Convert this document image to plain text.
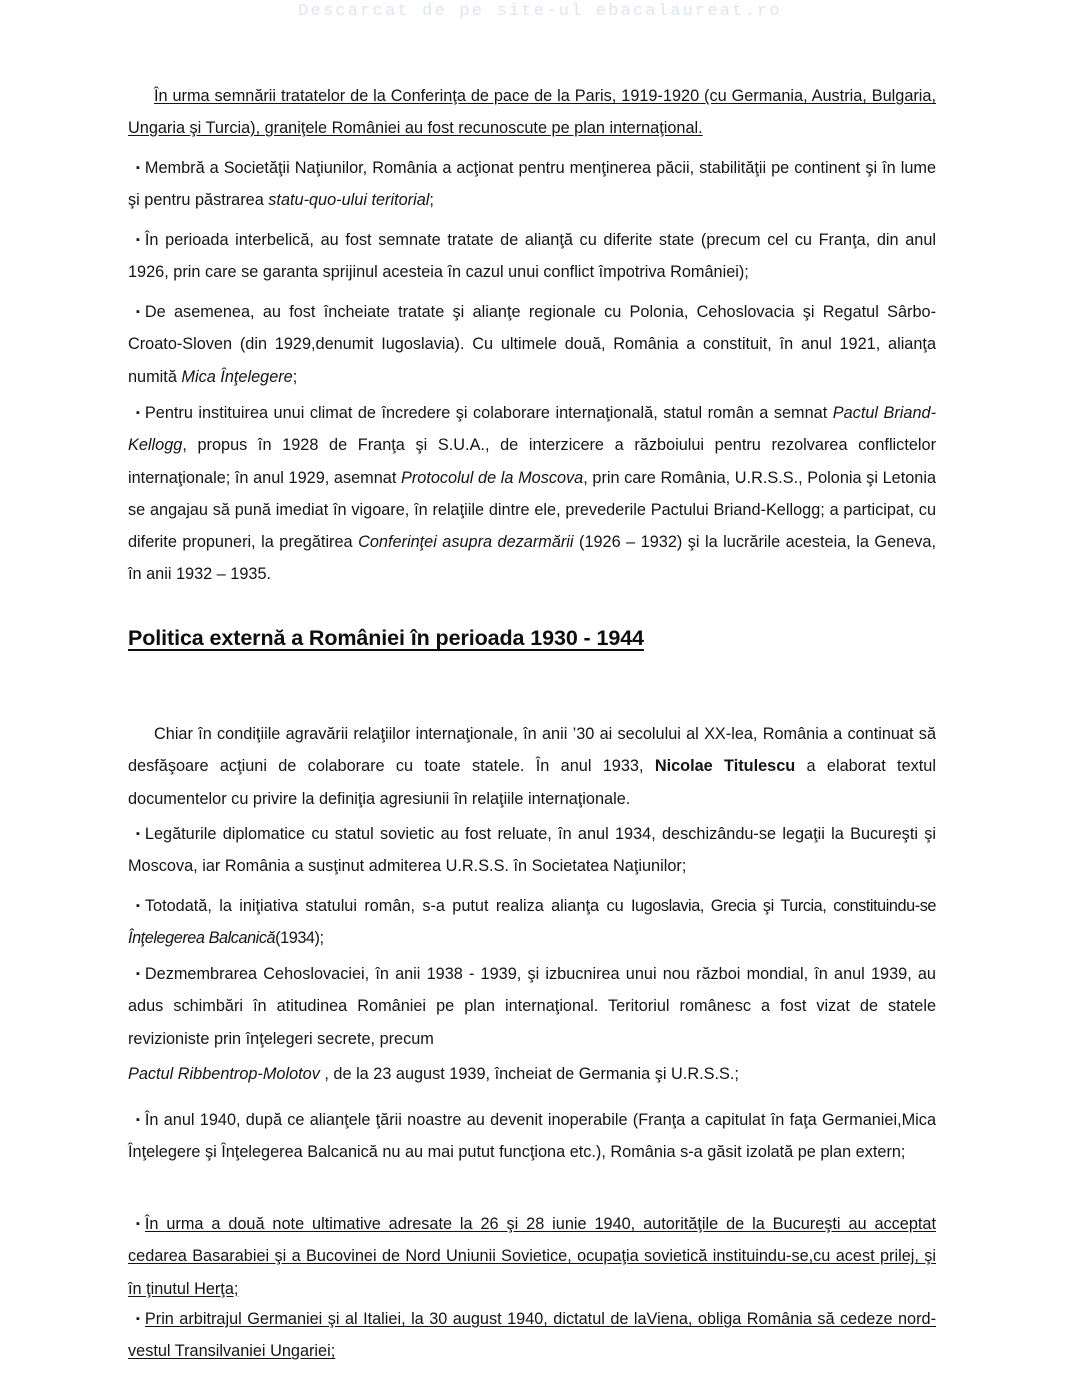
Descarcat de pe site-ul ebacalaureat.ro

În urma semnării tratatelor de la Conferinţa de pace de la Paris, 1919-1920 (cu Germania, Austria, Bulgaria, Ungaria şi Turcia), graniţele României au fost recunoscute pe plan internaţional.

▪ Membră a Societăţii Naţiunilor, România a acţionat pentru menţinerea păcii, stabilităţii pe continent şi în lume şi pentru păstrarea statu-quo-ului teritorial;

▪ În perioada interbelică, au fost semnate tratate de alianţă cu diferite state (precum cel cu Franţa, din anul 1926, prin care se garanta sprijinul acesteia în cazul unui conflict împotriva României);

▪ De asemenea, au fost încheiate tratate şi alianţe regionale cu Polonia, Cehoslovacia şi Regatul Sârbo-Croato-Sloven (din 1929,denumit Iugoslavia). Cu ultimele două, România a constituit, în anul 1921, alianţa numită Mica Înţelegere;

▪ Pentru instituirea unui climat de încredere şi colaborare internaţională, statul român a semnat Pactul Briand-Kellogg, propus în 1928 de Franţa şi S.U.A., de interzicere a războiului pentru rezolvarea conflictelor internaţionale; în anul 1929, asemnat Protocolul de la Moscova, prin care România, U.R.S.S., Polonia şi Letonia se angajau să pună imediat în vigoare, în relaţiile dintre ele, prevederile Pactului Briand-Kellogg; a participat, cu diferite propuneri, la pregătirea Conferinţei asupra dezarmării (1926 – 1932) şi la lucrările acesteia, la Geneva, în anii 1932 – 1935.

Politica externă a României în perioada 1930 - 1944

Chiar în condiţiile agravării relaţiilor internaţionale, în anii ’30 ai secolului al XX-lea, România a continuat să desfăşoare acţiuni de colaborare cu toate statele. În anul 1933, Nicolae Titulescu a elaborat textul documentelor cu privire la definiţia agresiunii în relaţiile internaţionale.

▪ Legăturile diplomatice cu statul sovietic au fost reluate, în anul 1934, deschizându-se legaţii la Bucureşti şi Moscova, iar România a susţinut admiterea U.R.S.S. în Societatea Naţiunilor;

▪ Totodată, la iniţiativa statului român, s-a putut realiza alianţa cu Iugoslavia, Grecia şi Turcia, constituindu-se Înţelegerea Balcanică(1934);

▪ Dezmembrarea Cehoslovaciei, în anii 1938 - 1939, şi izbucnirea unui nou război mondial, în anul 1939, au adus schimbări în atitudinea României pe plan internaţional. Teritoriul românesc a fost vizat de statele revizioniste prin înţelegeri secrete, precum

Pactul Ribbentrop-Molotov , de la 23 august 1939, încheiat de Germania şi U.R.S.S.;

▪ În anul 1940, după ce alianţele ţării noastre au devenit inoperabile (Franţa a capitulat în faţa Germaniei,Mica Înţelegere şi Înţelegerea Balcanică nu au mai putut funcţiona etc.), România s-a găsit izolată pe plan extern;

▪ În urma a două note ultimative adresate la 26 şi 28 iunie 1940, autorităţile de la Bucureşti au acceptat cedarea Basarabiei şi a Bucovinei de Nord Uniunii Sovietice, ocupaţia sovietică instituindu-se,cu acest prilej, şi în ţinutul Herţa;

▪ Prin arbitrajul Germaniei şi al Italiei, la 30 august 1940, dictatul de laViena, obliga România să cedeze nord-vestul Transilvaniei Ungariei;
